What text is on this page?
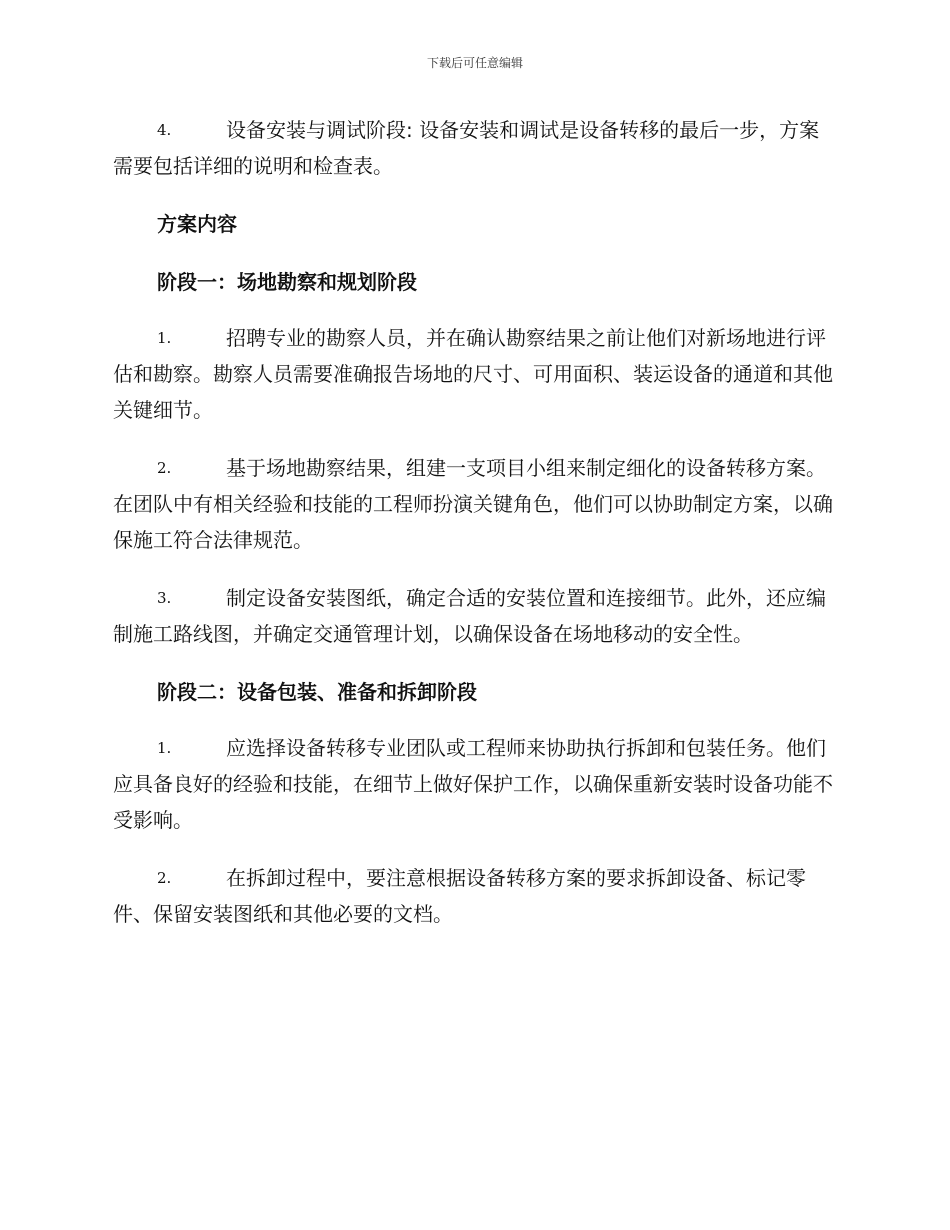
下载后可任意编辑

4.	设备安装与调试阶段: 设备安装和调试是设备转移的最后一步，方案需要包括详细的说明和检查表。

方案内容

阶段一：场地勘察和规划阶段

1.	招聘专业的勘察人员，并在确认勘察结果之前让他们对新场地进行评估和勘察。勘察人员需要准确报告场地的尺寸、可用面积、装运设备的通道和其他关键细节。

2.	基于场地勘察结果，组建一支项目小组来制定细化的设备转移方案。在团队中有相关经验和技能的工程师扮演关键角色，他们可以协助制定方案，以确保施工符合法律规范。

3.	制定设备安装图纸，确定合适的安装位置和连接细节。此外，还应编制施工路线图，并确定交通管理计划，以确保设备在场地移动的安全性。

阶段二：设备包装、准备和拆卸阶段

1.	应选择设备转移专业团队或工程师来协助执行拆卸和包装任务。他们应具备良好的经验和技能，在细节上做好保护工作，以确保重新安装时设备功能不受影响。

2.	在拆卸过程中，要注意根据设备转移方案的要求拆卸设备、标记零件、保留安装图纸和其他必要的文档。
